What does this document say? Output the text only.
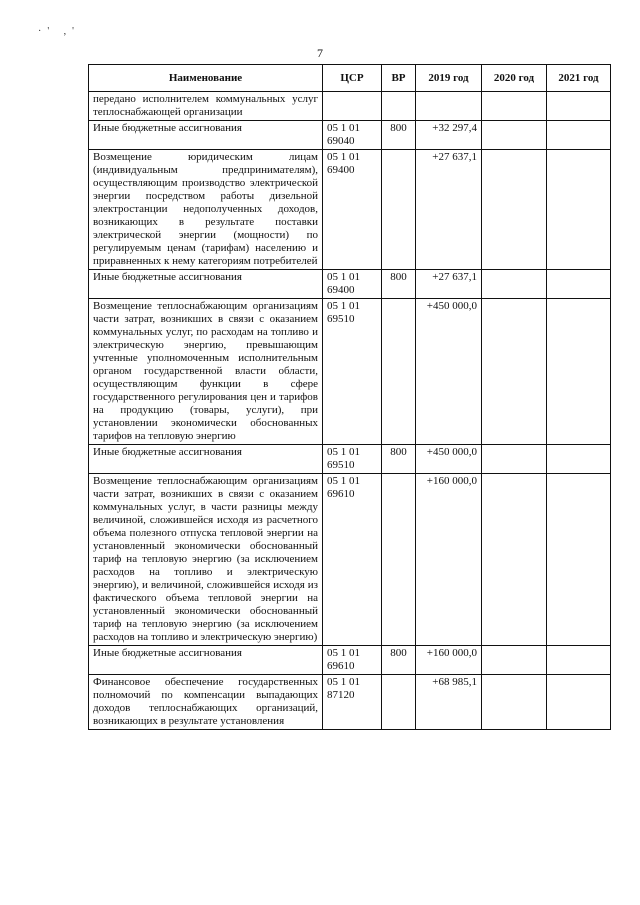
·' ,'
7
Наименование	ЦСР	ВР	2019 год	2020 год	2021 год
передано исполнителем коммунальных услуг теплоснабжающей организации					
Иные бюджетные ассигнования	05 1 01 69040	800	+32 297,4		
Возмещение юридическим лицам (индивидуальным предпринимателям), осуществляющим производство электрической энергии посредством работы дизельной электростанции недополученных доходов, возникающих в результате поставки электрической энергии (мощности) по регулируемым ценам (тарифам) населению и приравненных к нему категориям потребителей	05 1 01 69400		+27 637,1		
Иные бюджетные ассигнования	05 1 01 69400	800	+27 637,1		
Возмещение теплоснабжающим организациям части затрат, возникших в связи с оказанием коммунальных услуг, по расходам на топливо и электрическую энергию, превышающим учтенные уполномоченным исполнительным органом государственной власти области, осуществляющим функции в сфере государственного регулирования цен и тарифов на продукцию (товары, услуги), при установлении экономически обоснованных тарифов на тепловую энергию	05 1 01 69510		+450 000,0		
Иные бюджетные ассигнования	05 1 01 69510	800	+450 000,0		
Возмещение теплоснабжающим организациям части затрат, возникших в связи с оказанием коммунальных услуг, в части разницы между величиной, сложившейся исходя из расчетного объема полезного отпуска тепловой энергии на установленный экономически обоснованный тариф на тепловую энергию (за исключением расходов на топливо и электрическую энергию), и величиной, сложившейся исходя из фактического объема тепловой энергии на установленный экономически обоснованный тариф на тепловую энергию (за исключением расходов на топливо и электрическую энергию)	05 1 01 69610		+160 000,0		
Иные бюджетные ассигнования	05 1 01 69610	800	+160 000,0		
Финансовое обеспечение государственных полномочий по компенсации выпадающих доходов теплоснабжающих организаций, возникающих в результате установления	05 1 01 87120		+68 985,1		
